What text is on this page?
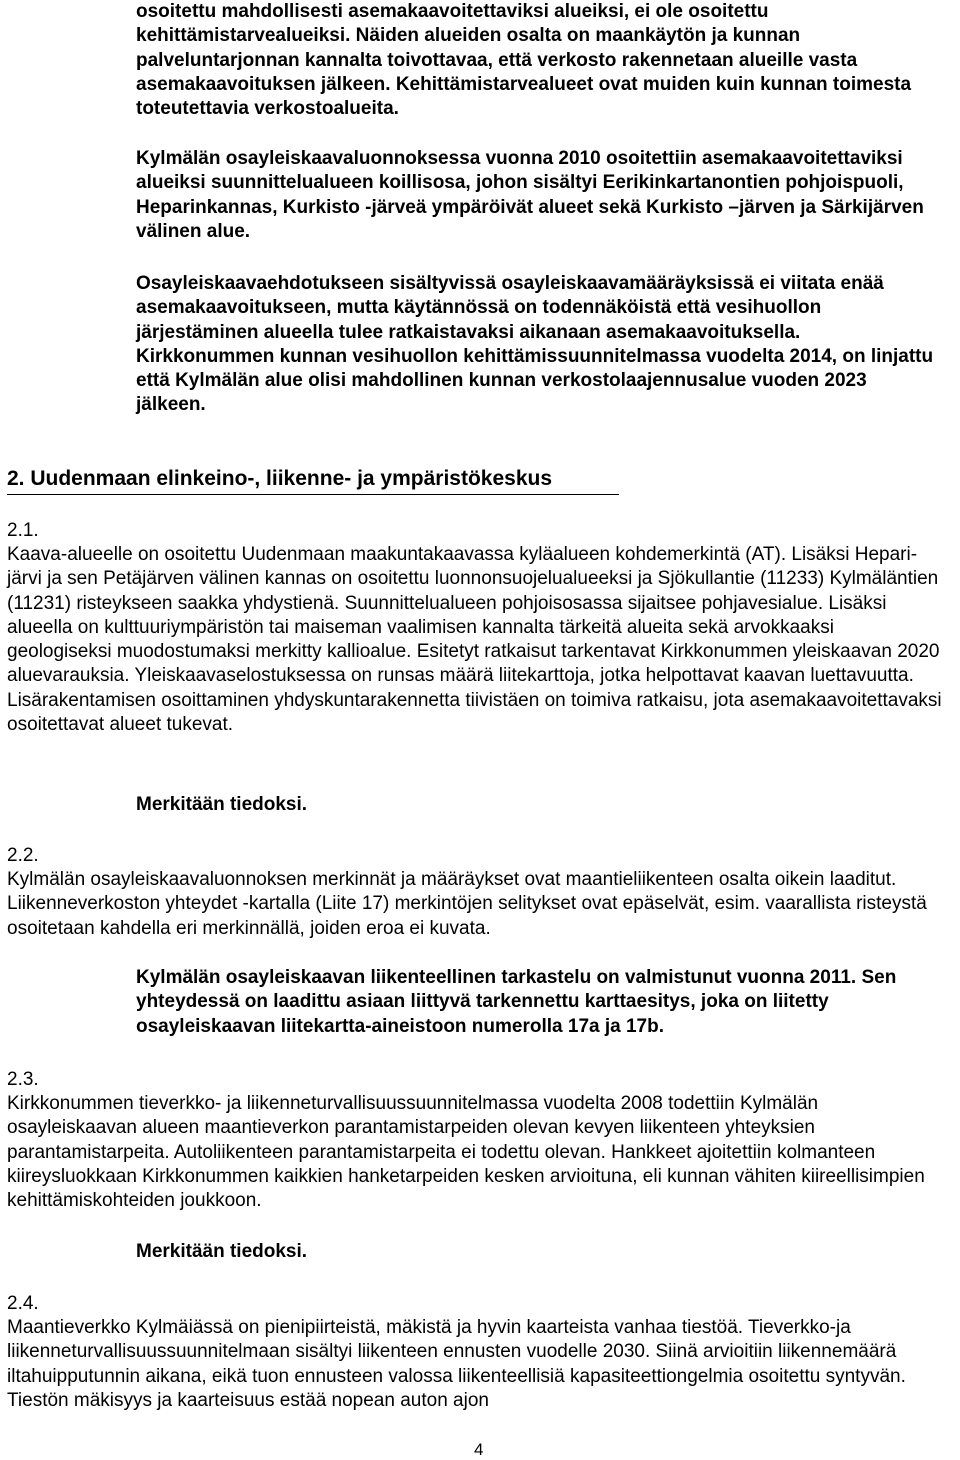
osoitettu mahdollisesti asemakaavoitettaviksi alueiksi, ei ole osoitettu kehittämistarvealueiksi. Näiden alueiden osalta on maankäytön ja kunnan palveluntarjonnan kannalta toivottavaa, että verkosto rakennetaan alueille vasta asemakaavoituksen jälkeen. Kehittämistarvealueet ovat muiden kuin kunnan toimesta toteutettavia verkostoalueita.

Kylmälän osayleiskaavaluonnoksessa vuonna 2010 osoitettiin asemakaavoitettaviksi alueiksi suunnittelualueen koillisosa, johon sisältyi Eerikinkartanontien pohjoispuoli, Heparinkannas, Kurkisto -järveä ympäröivät alueet sekä Kurkisto –järven ja Särkijärven välinen alue.

Osayleiskaavaehdotukseen sisältyvissä osayleiskaavamääräyksissä ei viitata enää asemakaavoitukseen, mutta käytännössä on todennäköistä että vesihuollon järjestäminen alueella tulee ratkaistavaksi aikanaan asemakaavoituksella. Kirkkonummen kunnan vesihuollon kehittämissuunnitelmassa vuodelta 2014, on linjattu että Kylmälän alue olisi mahdollinen kunnan verkostolaajennusalue vuoden 2023 jälkeen.

2. Uudenmaan elinkeino-, liikenne- ja ympäristökeskus
2.1.

Kaava-alueelle on osoitettu Uudenmaan maakuntakaavassa kyläalueen kohdemerkintä (AT). Lisäksi Hepari-järvi ja sen Petäjärven välinen kannas on osoitettu luonnonsuojelualueeksi ja Sjökullantie (11233) Kylmäläntien (11231) risteykseen saakka yhdystienä. Suunnittelualueen pohjoisosassa sijaitsee pohjavesialue. Lisäksi alueella on kulttuuriympäristön tai maiseman vaalimisen kannalta tärkeitä alueita sekä arvokkaaksi geologiseksi muodostumaksi merkitty kallioalue. Esitetyt ratkaisut tarkentavat Kirkkonummen yleiskaavan 2020 aluevarauksia. Yleiskaavaselostuksessa on runsas määrä liitekarttoja, jotka helpottavat kaavan luettavuutta. Lisärakentamisen osoittaminen yhdyskuntarakennetta tiivistäen on toimiva ratkaisu, jota asemakaavoitettavaksi osoitettavat alueet tukevat.

Merkitään tiedoksi.

2.2.

Kylmälän osayleiskaavaluonnoksen merkinnät ja määräykset ovat maantieliikenteen osalta oikein laaditut. Liikenneverkoston yhteydet -kartalla (Liite 17) merkintöjen selitykset ovat epäselvät, esim. vaarallista risteystä osoitetaan kahdella eri merkinnällä, joiden eroa ei kuvata.

Kylmälän osayleiskaavan liikenteellinen tarkastelu on valmistunut vuonna 2011. Sen yhteydessä on laadittu asiaan liittyvä tarkennettu karttaesitys, joka on liitetty osayleiskaavan liitekartta-aineistoon numerolla 17a ja 17b.

2.3.

Kirkkonummen tieverkko- ja liikenneturvallisuussuunnitelmassa vuodelta 2008 todettiin Kylmälän osayleiskaavan alueen maantieverkon parantamistarpeiden olevan kevyen liikenteen yhteyksien parantamistarpeita. Autoliikenteen parantamistarpeita ei todettu olevan. Hankkeet ajoitettiin kolmanteen kiireysluokkaan Kirkkonummen kaikkien hanketarpeiden kesken arvioituna, eli kunnan vähiten kiireellisimpien kehittämiskohteiden joukkoon.

Merkitään tiedoksi.

2.4.

Maantieverkko Kylmäiässä on pienipiirteistä, mäkistä ja hyvin kaarteista vanhaa tiestöä. Tieverkko-ja liikenneturvallisuussuunnitelmaan sisältyi liikenteen ennusten vuodelle 2030. Siinä arvioitiin liikennemäärä iltahuipputunnin aikana, eikä tuon ennusteen valossa liikenteellisiä kapasiteettiongelmia osoitettu syntyvän. Tiestön mäkisyys ja kaarteisuus estää nopean auton ajon

4
